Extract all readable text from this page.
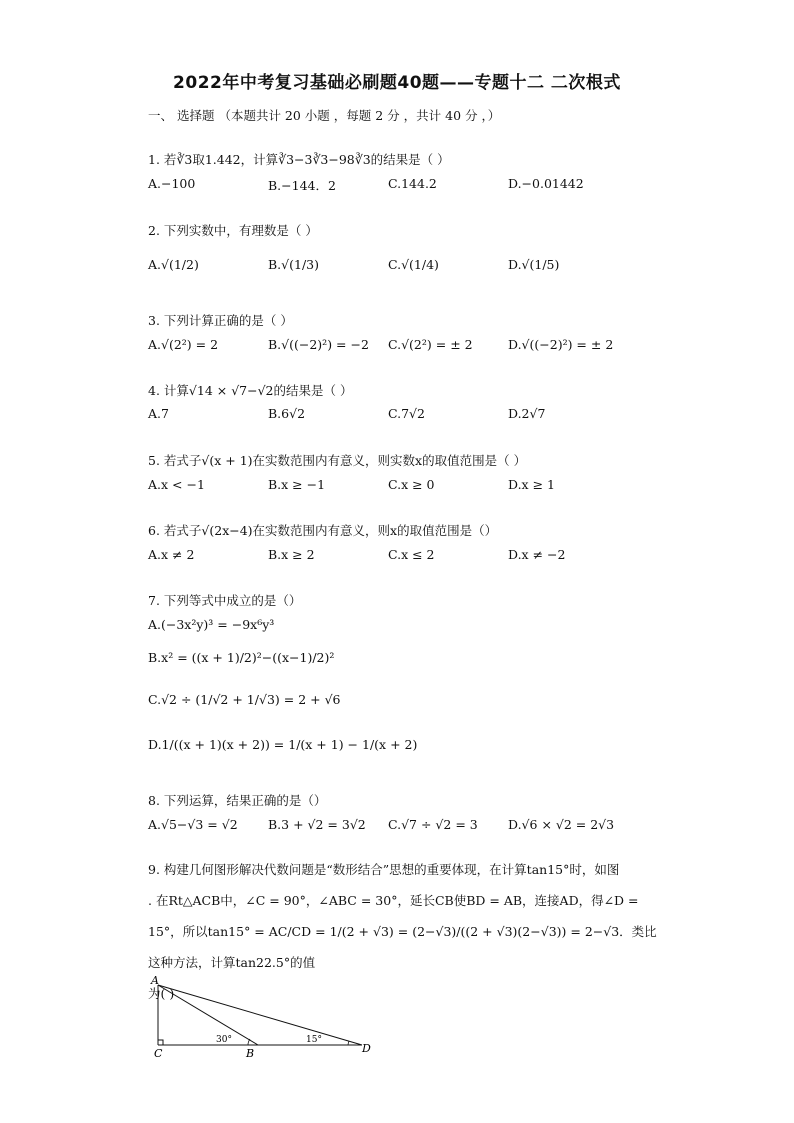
2022年中考复习基础必刷题40题——专题十二 二次根式
一、 选择题 （本题共计 20 小题 ，每题 2 分 ，共计 40 分 ，）
1. 若∛3取1.442，计算∛3−3∛3−98∛3的结果是（ ）
A.−100	B.−144．2	C.144.2	D.−0.01442
2. 下列实数中，有理数是（ ）
A.√(1/2)	B.√(1/3)	C.√(1/4)	D.√(1/5)
3. 下列计算正确的是（ ）
A.√(2²) = 2	B.√((−2)²) = −2 C.√(2²) = ± 2	D.√((−2)²) = ± 2
4. 计算√14 × √7−√2的结果是（ ）
A.7	B.6√2	C.7√2	D.2√7
5. 若式子√(x + 1)在实数范围内有意义，则实数x的取值范围是（ ）
A.x < −1	B.x ≥ −1	C.x ≥ 0	D.x ≥ 1
6. 若式子√(2x−4)在实数范围内有意义，则x的取值范围是（）
A.x ≠ 2	B.x ≥ 2	C.x ≤ 2	D.x ≠ −2
7. 下列等式中成立的是（）
A.(−3x²y)³ = −9x⁶y³
B.x² = ((x + 1)/2)²−((x−1)/2)²
C.√2 ÷ (1/√2 + 1/√3) = 2 + √6
D.1/((x + 1)(x + 2)) = 1/(x + 1) − 1/(x + 2)
8. 下列运算，结果正确的是（）
A.√5−√3 = √2 B.3 + √2 = 3√2 C.√7 ÷ √2 = 3 D.√6 × √2 = 2√3
9. 构建几何图形解决代数问题是“数形结合”思想的重要体现，在计算tan15°时，如图
. 在Rt△ACB中，∠C = 90°，∠ABC = 30°，延长CB使BD = AB，连接AD，得∠D =
15°，所以tan15° = AC/CD = 1/(2 + √3) = (2−√3)/((2 + √3)(2−√3)) = 2−√3．类比这种方法，计算tan22.5°的值
为( )
A
C	B	D
30°	15°
